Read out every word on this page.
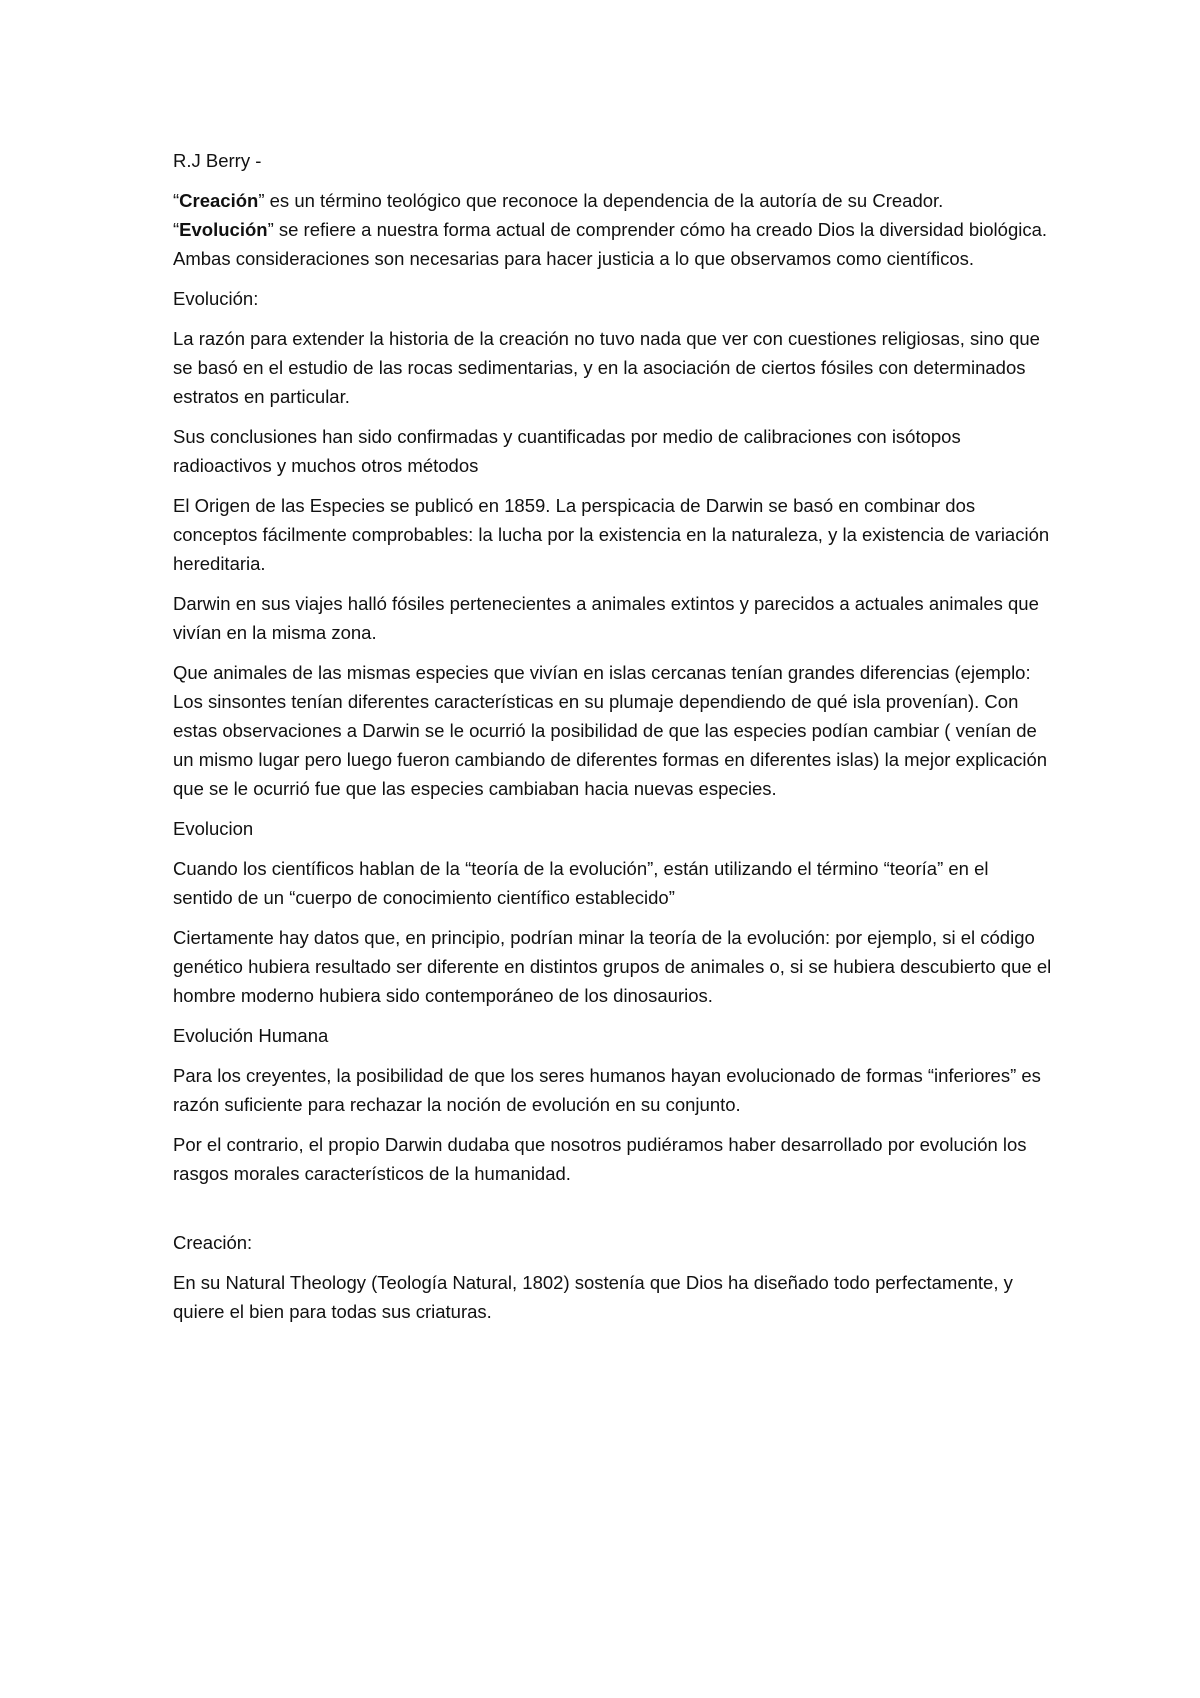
R.J Berry -

“Creación” es un término teológico que reconoce la dependencia de la autoría de su Creador.
“Evolución” se refiere a nuestra forma actual de comprender cómo ha creado Dios la diversidad biológica. Ambas consideraciones son necesarias para hacer justicia a lo que observamos como científicos.

Evolución:

La razón para extender la historia de la creación no tuvo nada que ver con cuestiones religiosas, sino que se basó en el estudio de las rocas sedimentarias, y en la asociación de ciertos fósiles con determinados estratos en particular.

Sus conclusiones han sido confirmadas y cuantificadas por medio de calibraciones con isótopos radioactivos y muchos otros métodos

El Origen de las Especies se publicó en 1859. La perspicacia de Darwin se basó en combinar dos conceptos fácilmente comprobables: la lucha por la existencia en la naturaleza, y la existencia de variación hereditaria.

Darwin en sus viajes halló fósiles pertenecientes a animales extintos y parecidos a actuales animales que vivían en la misma zona.

Que animales de las mismas especies que vivían en islas cercanas tenían grandes diferencias (ejemplo: Los sinsontes tenían diferentes características en su plumaje dependiendo de qué isla provenían). Con estas observaciones a Darwin se le ocurrió la posibilidad de que las especies podían cambiar ( venían de un mismo lugar pero luego fueron cambiando de diferentes formas en diferentes islas) la mejor explicación que se le ocurrió fue que las especies cambiaban hacia nuevas especies.

Evolucion

Cuando los científicos hablan de la “teoría de la evolución”, están utilizando el término “teoría” en el sentido de un “cuerpo de conocimiento científico establecido”

Ciertamente hay datos que, en principio, podrían minar la teoría de la evolución: por ejemplo, si el código genético hubiera resultado ser diferente en distintos grupos de animales o, si se hubiera descubierto que el hombre moderno hubiera sido contemporáneo de los dinosaurios.

Evolución Humana

Para los creyentes, la posibilidad de que los seres humanos hayan evolucionado de formas “inferiores” es razón suficiente para rechazar la noción de evolución en su conjunto.

Por el contrario, el propio Darwin dudaba que nosotros pudiéramos haber desarrollado por evolución los rasgos morales característicos de la humanidad.

Creación:

En su Natural Theology (Teología Natural, 1802) sostenía que Dios ha diseñado todo perfectamente, y quiere el bien para todas sus criaturas.
